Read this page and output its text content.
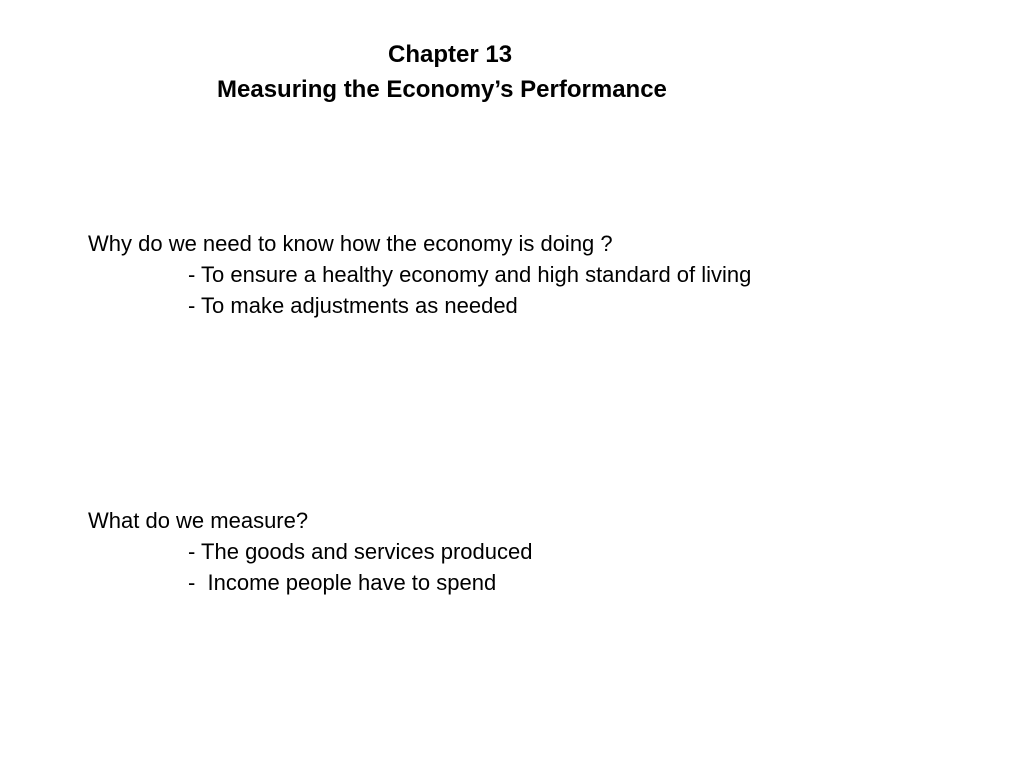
Chapter 13
Measuring the Economy’s Performance

Why do we need to know how the economy is doing ?

- To ensure a healthy economy and high standard of living

- To make adjustments as needed

What do we measure?

- The goods and services produced

-  Income people have to spend
